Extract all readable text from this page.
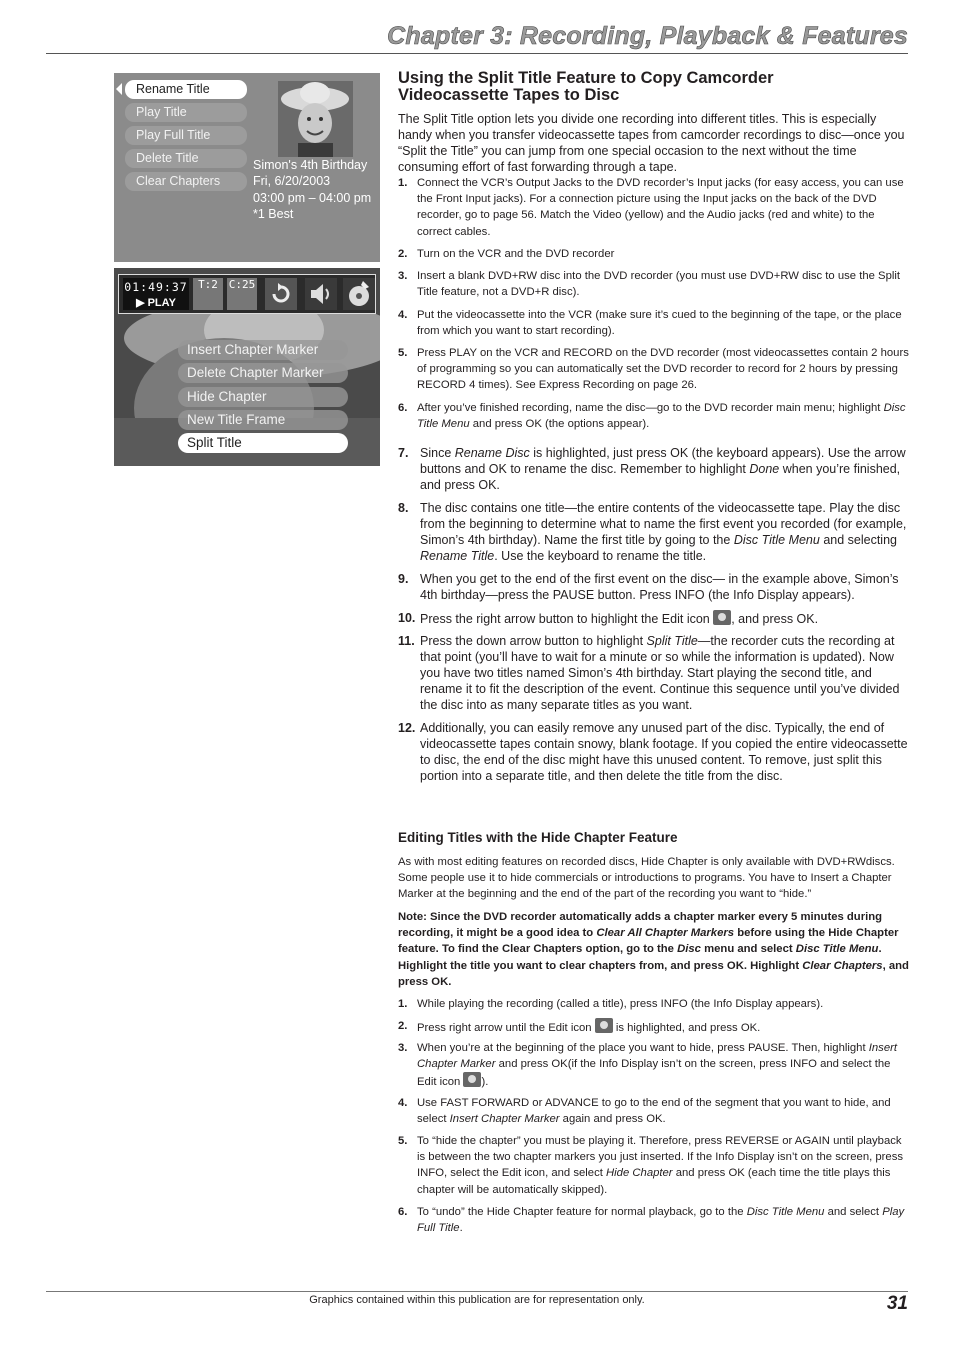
Chapter 3: Recording, Playback & Features
Rename Title
Play Title
Play Full Title
Delete Title
Clear Chapters
Simon's 4th Birthday
Fri, 6/20/2003
03:00 pm – 04:00 pm
*1 Best
01:49:37
▶ PLAY
T:2 C:25
Insert Chapter Marker
Delete Chapter Marker
Hide Chapter
New Title Frame
Split Title
Using the Split Title Feature to Copy Camcorder
Videocassette Tapes to Disc
The Split Title option lets you divide one recording into different titles. This is especially handy when you transfer videocassette tapes from camcorder recordings to disc—once you “Split the Title” you can jump from one special occasion to the next without the time consuming effort of fast forwarding through a tape.
1. Connect the VCR’s Output Jacks to the DVD recorder’s Input jacks (for easy access, you can use the Front Input jacks). For a connection picture using the Input jacks on the back of the DVD recorder, go to page 56. Match the Video (yellow) and the Audio jacks (red and white) to the correct cables.
2. Turn on the VCR and the DVD recorder
3. Insert a blank DVD+RW disc into the DVD recorder (you must use DVD+RW disc to use the Split Title feature, not a DVD+R disc).
4. Put the videocassette into the VCR (make sure it’s cued to the beginning of the tape, or the place from which you want to start recording).
5. Press PLAY on the VCR and RECORD on the DVD recorder (most videocassettes contain 2 hours of programming so you can automatically set the DVD recorder to record for 2 hours by pressing RECORD 4 times). See Express Recording on page 26.
6. After you’ve finished recording, name the disc—go to the DVD recorder main menu; highlight Disc Title Menu and press OK (the options appear).
7. Since Rename Disc is highlighted, just press OK (the keyboard appears). Use the arrow buttons and OK to rename the disc. Remember to highlight Done when you’re finished, and press OK.
8. The disc contains one title—the entire contents of the videocassette tape. Play the disc from the beginning to determine what to name the first event you recorded (for example, Simon’s 4th birthday). Name the first title by going to the Disc Title Menu and selecting Rename Title. Use the keyboard to rename the title.
9. When you get to the end of the first event on the disc— in the example above, Simon’s 4th birthday—press the PAUSE button. Press INFO (the Info Display appears).
10. Press the right arrow button to highlight the Edit icon , and press OK.
11. Press the down arrow button to highlight Split Title—the recorder cuts the recording at that point (you’ll have to wait for a minute or so while the information is updated). Now you have two titles named Simon’s 4th birthday. Start playing the second title, and rename it to fit the description of the event. Continue this sequence until you’ve divided the disc into as many separate titles as you want.
12. Additionally, you can easily remove any unused part of the disc. Typically, the end of videocassette tapes contain snowy, blank footage. If you copied the entire videocassette to disc, the end of the disc might have this unused content. To remove, just split this portion into a separate title, and then delete the title from the disc.
Editing Titles with the Hide Chapter Feature
As with most editing features on recorded discs, Hide Chapter is only available with DVD+RWdiscs. Some people use it to hide commercials or introductions to programs. You have to Insert a Chapter Marker at the beginning and the end of the part of the recording you want to “hide.”
Note: Since the DVD recorder automatically adds a chapter marker every 5 minutes during recording, it might be a good idea to Clear All Chapter Markers before using the Hide Chapter feature. To find the Clear Chapters option, go to the Disc menu and select Disc Title Menu. Highlight the title you want to clear chapters from, and press OK. Highlight Clear Chapters, and press OK.
1. While playing the recording (called a title), press INFO (the Info Display appears).
2. Press right arrow until the Edit icon  is highlighted, and press OK.
3. When you’re at the beginning of the place you want to hide, press PAUSE. Then, highlight Insert Chapter Marker and press OK(if the Info Display isn’t on the screen, press INFO and select the Edit icon ).
4. Use FAST FORWARD or ADVANCE to go to the end of the segment that you want to hide, and select Insert Chapter Marker again and press OK.
5. To “hide the chapter” you must be playing it. Therefore, press REVERSE or AGAIN until playback is between the two chapter markers you just inserted. If the Info Display isn’t on the screen, press INFO, select the Edit icon, and select Hide Chapter and press OK (each time the title plays this chapter will be automatically skipped).
6. To “undo” the Hide Chapter feature for normal playback, go to the Disc Title Menu and select Play Full Title.
Graphics contained within this publication are for representation only.	31
